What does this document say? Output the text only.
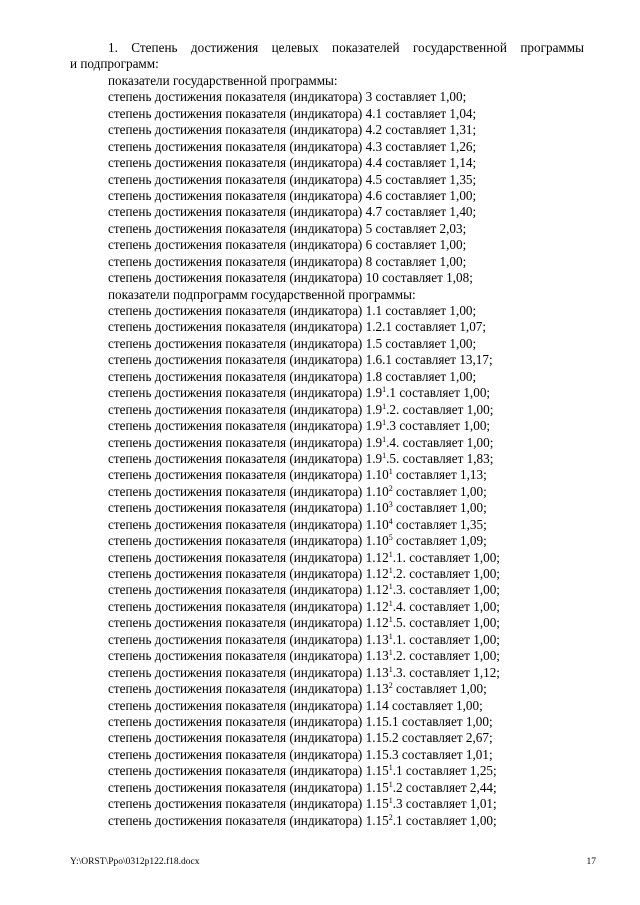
1. Степень достижения целевых показателей государственной программы
и подпрограмм:
показатели государственной программы:
степень достижения показателя (индикатора) 3 составляет 1,00;
степень достижения показателя (индикатора) 4.1 составляет 1,04;
степень достижения показателя (индикатора) 4.2 составляет 1,31;
степень достижения показателя (индикатора) 4.3 составляет 1,26;
степень достижения показателя (индикатора) 4.4 составляет 1,14;
степень достижения показателя (индикатора) 4.5 составляет 1,35;
степень достижения показателя (индикатора) 4.6 составляет 1,00;
степень достижения показателя (индикатора) 4.7 составляет 1,40;
степень достижения показателя (индикатора) 5 составляет 2,03;
степень достижения показателя (индикатора) 6 составляет 1,00;
степень достижения показателя (индикатора) 8 составляет 1,00;
степень достижения показателя (индикатора) 10 составляет 1,08;
показатели подпрограмм государственной программы:
степень достижения показателя (индикатора) 1.1 составляет 1,00;
степень достижения показателя (индикатора) 1.2.1 составляет 1,07;
степень достижения показателя (индикатора) 1.5 составляет 1,00;
степень достижения показателя (индикатора) 1.6.1 составляет 13,17;
степень достижения показателя (индикатора) 1.8 составляет 1,00;
степень достижения показателя (индикатора) $1.9^1.1$ составляет 1,00;
степень достижения показателя (индикатора) $1.9^1.2$. составляет 1,00;
степень достижения показателя (индикатора) $1.9^1.3$ составляет 1,00;
степень достижения показателя (индикатора) $1.9^1.4$. составляет 1,00;
степень достижения показателя (индикатора) $1.9^1.5$. составляет 1,83;
степень достижения показателя (индикатора) 1.10$^1$ составляет 1,13;
степень достижения показателя (индикатора) 1.10$^2$ составляет 1,00;
степень достижения показателя (индикатора) 1.10$^3$ составляет 1,00;
степень достижения показателя (индикатора) 1.10$^4$ составляет 1,35;
степень достижения показателя (индикатора) 1.10$^5$ составляет 1,09;
степень достижения показателя (индикатора) 1.12$^1$.1. составляет 1,00;
степень достижения показателя (индикатора) 1.12$^1$.2. составляет 1,00;
степень достижения показателя (индикатора) 1.12$^1$.3. составляет 1,00;
степень достижения показателя (индикатора) 1.12$^1$.4. составляет 1,00;
степень достижения показателя (индикатора) 1.12$^1$.5. составляет 1,00;
степень достижения показателя (индикатора) 1.13$^1$.1. составляет 1,00;
степень достижения показателя (индикатора) 1.13$^1$.2. составляет 1,00;
степень достижения показателя (индикатора) 1.13$^1$.3. составляет 1,12;
степень достижения показателя (индикатора) 1.13$^2$ составляет 1,00;
степень достижения показателя (индикатора) 1.14 составляет 1,00;
степень достижения показателя (индикатора) 1.15.1 составляет 1,00;
степень достижения показателя (индикатора) 1.15.2 составляет 2,67;
степень достижения показателя (индикатора) 1.15.3 составляет 1,01;
степень достижения показателя (индикатора) 1.15$^1$.1 составляет 1,25;
степень достижения показателя (индикатора) 1.15$^1$.2 составляет 2,44;
степень достижения показателя (индикатора) 1.15$^1$.3 составляет 1,01;
степень достижения показателя (индикатора) 1.15$^2$.1 составляет 1,00;
Y:\ORST\Ppo\0312p122.f18.docx	17
